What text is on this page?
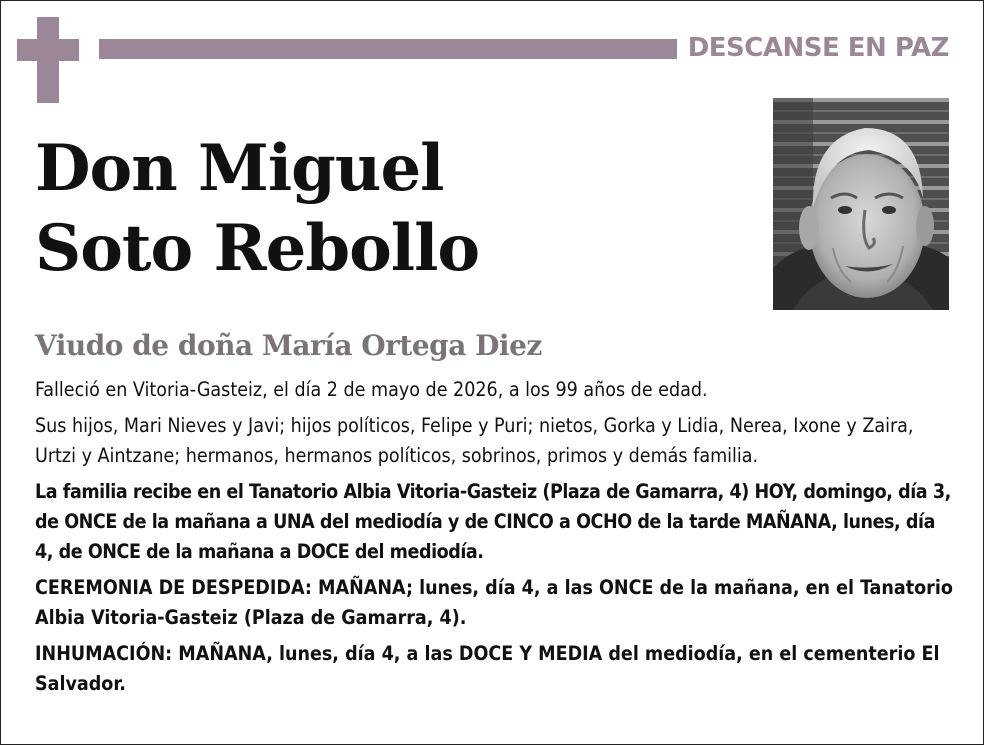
DESCANSE EN PAZ
Don Miguel
Soto Rebollo
Viudo de doña María Ortega Diez

Falleció en Vitoria-Gasteiz, el día 2 de mayo de 2026, a los 99 años de edad.

Sus hijos, Mari Nieves y Javi; hijos políticos, Felipe y Puri; nietos, Gorka y Lidia, Nerea, Ixone y Zaira, Urtzi y Aintzane; hermanos, hermanos políticos, sobrinos, primos y demás familia.

La familia recibe en el Tanatorio Albia Vitoria-Gasteiz (Plaza de Gamarra, 4) HOY, domingo, día 3, de ONCE de la mañana a UNA del mediodía y de CINCO a OCHO de la tarde MAÑANA, lunes, día 4, de ONCE de la mañana a DOCE del mediodía.

CEREMONIA DE DESPEDIDA: MAÑANA; lunes, día 4, a las ONCE de la mañana, en el Tanatorio Albia Vitoria-Gasteiz (Plaza de Gamarra, 4).

INHUMACIÓN: MAÑANA, lunes, día 4, a las DOCE Y MEDIA del mediodía, en el cementerio El Salvador.
